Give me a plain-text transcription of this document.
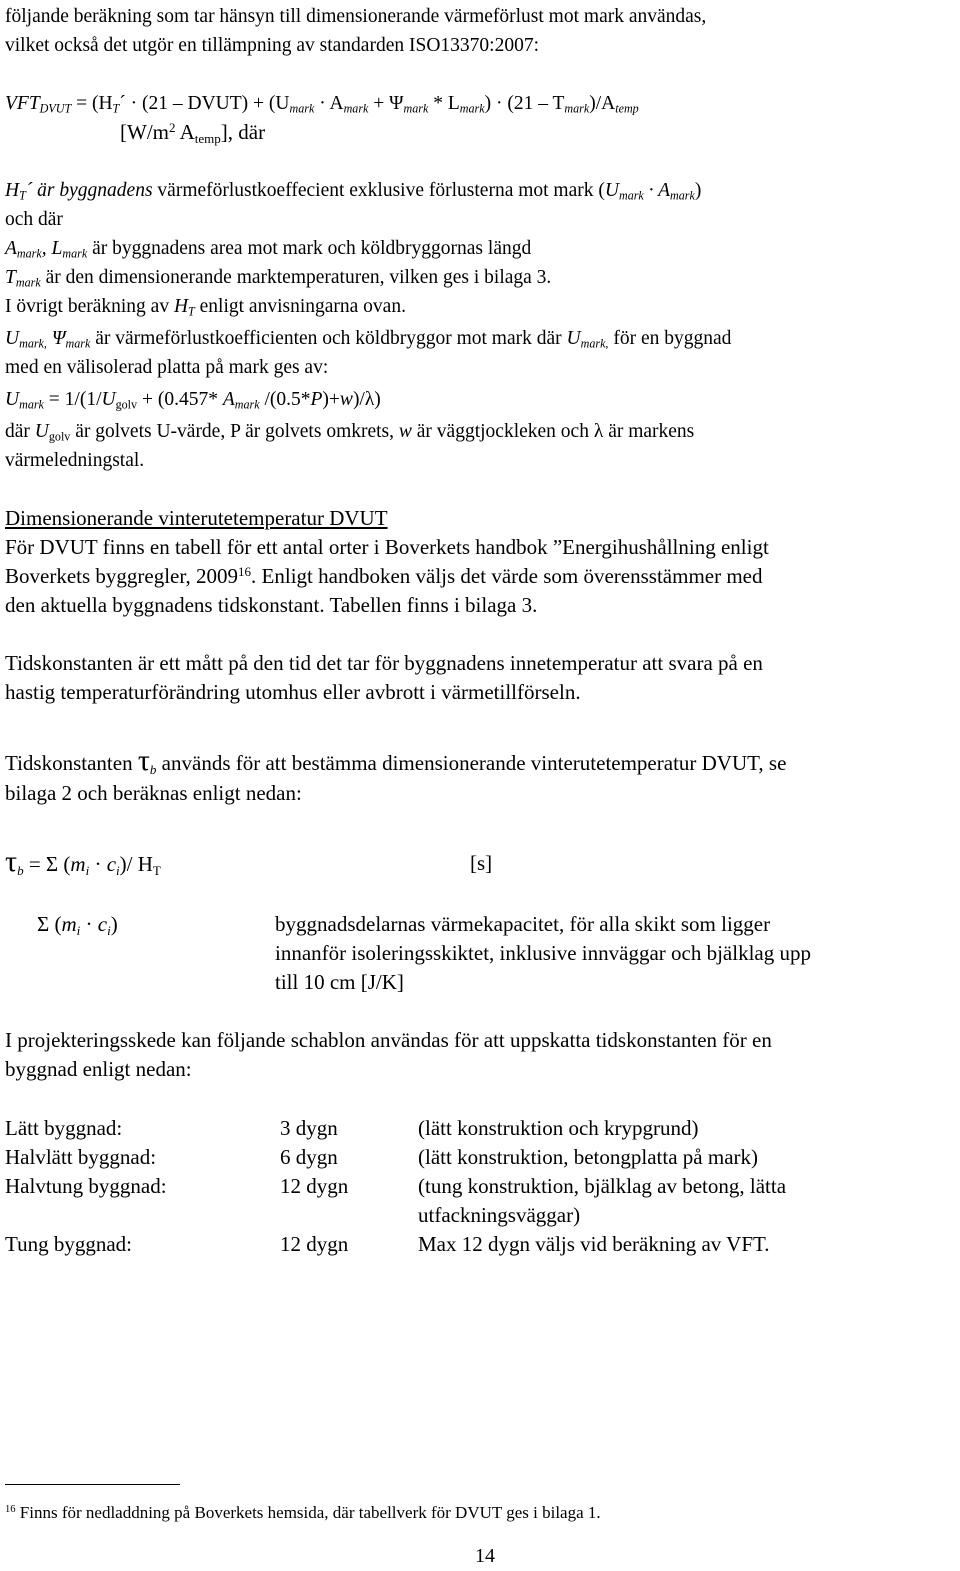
följande beräkning som tar hänsyn till dimensionerande värmeförlust mot mark användas,
vilket också det utgör en tillämpning av standarden ISO13370:2007:
$VFT_{DVUT}$ = ($H_T´ \cdot (21$ – DVUT) + $(U_{mark} \cdot A_{mark} + \Psi_{mark} * L_{mark}) \cdot (21 - T_{mark})/A_{temp}$
[$W/m^2$ $A_{temp}$], där
$H_T´$ är byggnadens värmeförlustkoeffecient exklusive förlusterna mot mark $(U_{mark} \cdot A_{mark})$
och där
$A_{mark}$, $L_{mark}$ är byggnadens area mot mark och köldbryggornas längd
$T_{mark}$ är den dimensionerande marktemperaturen, vilken ges i bilaga 3.
I övrigt beräkning av $H_T$ enligt anvisningarna ovan.
$U_{mark,}$ $\Psi_{mark}$ är värmeförlustkoefficienten och köldbryggor mot mark där $U_{mark,}$ för en byggnad
med en välisolerad platta på mark ges av:
$U_{mark} = 1/(1/U_{golv} + (0.457*$ $A_{mark}$ /(0.5*P)+w)/λ)
där $U_{golv}$ är golvets U-värde, P är golvets omkrets, w är väggtjockleken och λ är markens
värmeledningstal.
Dimensionerande vinterutetemperatur DVUT
För DVUT finns en tabell för ett antal orter i Boverkets handbok ”Energihushållning enligt
Boverkets byggregler, 2009$^{16}$. Enligt handboken väljs det värde som överensstämmer med
den aktuella byggnadens tidskonstant. Tabellen finns i bilaga 3.
Tidskonstanten är ett mått på den tid det tar för byggnadens innetemperatur att svara på en
hastig temperaturförändring utomhus eller avbrott i värmetillförseln.
Tidskonstanten $\tau_b$ används för att bestämma dimensionerande vinterutetemperatur DVUT, se
bilaga 2 och beräknas enligt nedan:
$\tau_b = \Sigma$ $(m_i \cdot c_i)/$ $H_T$	[s]
Σ $(m_i \cdot c_i)$	byggnadsdelarnas värmekapacitet, för alla skikt som ligger
innanför isoleringsskiktet, inklusive innväggar och bjälklag upp
till 10 cm [J/K]
I projekteringsskede kan följande schablon användas för att uppskatta tidskonstanten för en
byggnad enligt nedan:
Lätt byggnad:	3 dygn	(lätt konstruktion och krypgrund)
Halvlätt byggnad:	6 dygn	(lätt konstruktion, betongplatta på mark)
Halvtung byggnad:	12 dygn	(tung konstruktion, bjälklag av betong, lätta
utfackningsväggar)
Tung byggnad:	12 dygn	Max 12 dygn väljs vid beräkning av VFT.
$^{16}$ Finns för nedladdning på Boverkets hemsida, där tabellverk för DVUT ges i bilaga 1.
14
